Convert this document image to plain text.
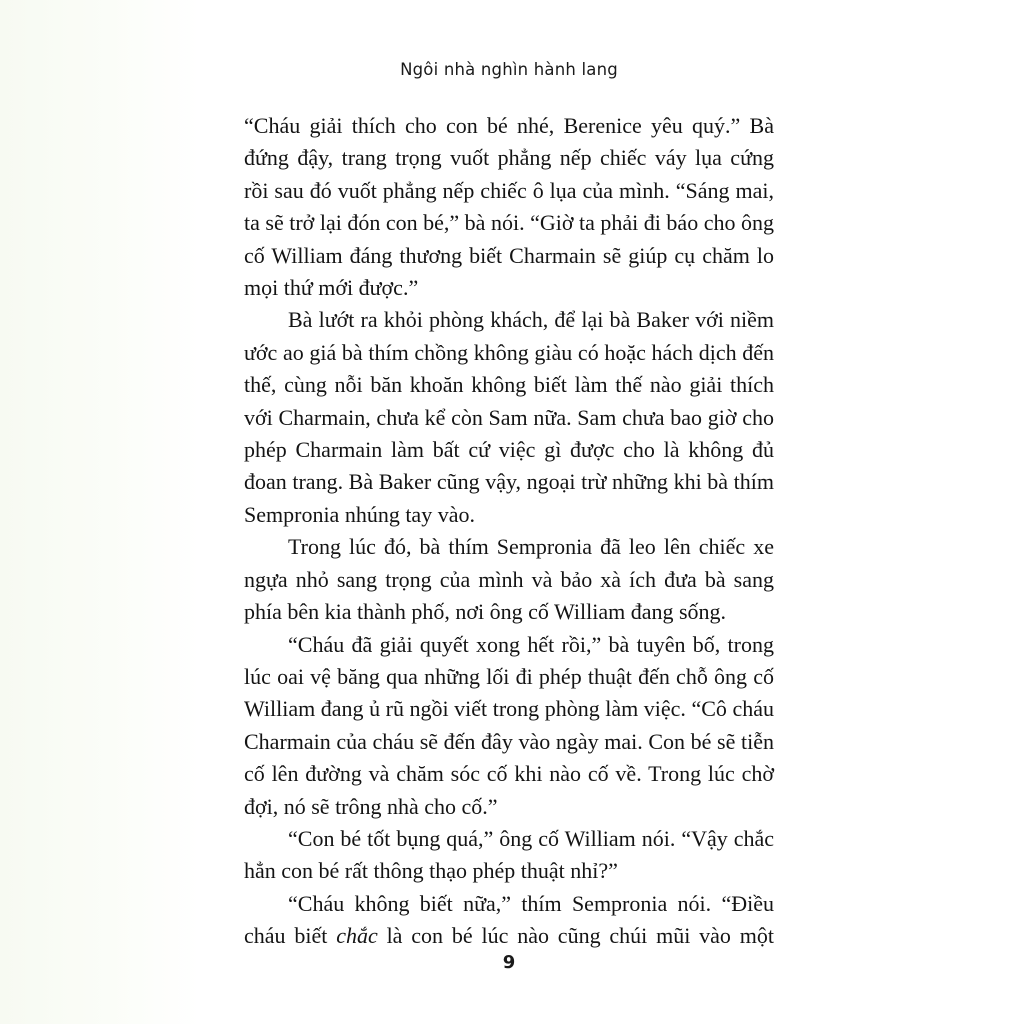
Ngôi nhà nghìn hành lang

“Cháu giải thích cho con bé nhé, Berenice yêu quý.” Bà đứng đậy, trang trọng vuốt phẳng nếp chiếc váy lụa cứng rồi sau đó vuốt phẳng nếp chiếc ô lụa của mình. “Sáng mai, ta sẽ trở lại đón con bé,” bà nói. “Giờ ta phải đi báo cho ông cố William đáng thương biết Charmain sẽ giúp cụ chăm lo mọi thứ mới được.”

Bà lướt ra khỏi phòng khách, để lại bà Baker với niềm ước ao giá bà thím chồng không giàu có hoặc hách dịch đến thế, cùng nỗi băn khoăn không biết làm thế nào giải thích với Charmain, chưa kể còn Sam nữa. Sam chưa bao giờ cho phép Charmain làm bất cứ việc gì được cho là không đủ đoan trang. Bà Baker cũng vậy, ngoại trừ những khi bà thím Sempronia nhúng tay vào.

Trong lúc đó, bà thím Sempronia đã leo lên chiếc xe ngựa nhỏ sang trọng của mình và bảo xà ích đưa bà sang phía bên kia thành phố, nơi ông cố William đang sống.

“Cháu đã giải quyết xong hết rồi,” bà tuyên bố, trong lúc oai vệ băng qua những lối đi phép thuật đến chỗ ông cố William đang ủ rũ ngồi viết trong phòng làm việc. “Cô cháu Charmain của cháu sẽ đến đây vào ngày mai. Con bé sẽ tiễn cố lên đường và chăm sóc cố khi nào cố về. Trong lúc chờ đợi, nó sẽ trông nhà cho cố.”

“Con bé tốt bụng quá,” ông cố William nói. “Vậy chắc hẳn con bé rất thông thạo phép thuật nhỉ?”

“Cháu không biết nữa,” thím Sempronia nói. “Điều cháu biết chắc là con bé lúc nào cũng chúi mũi vào một

9
